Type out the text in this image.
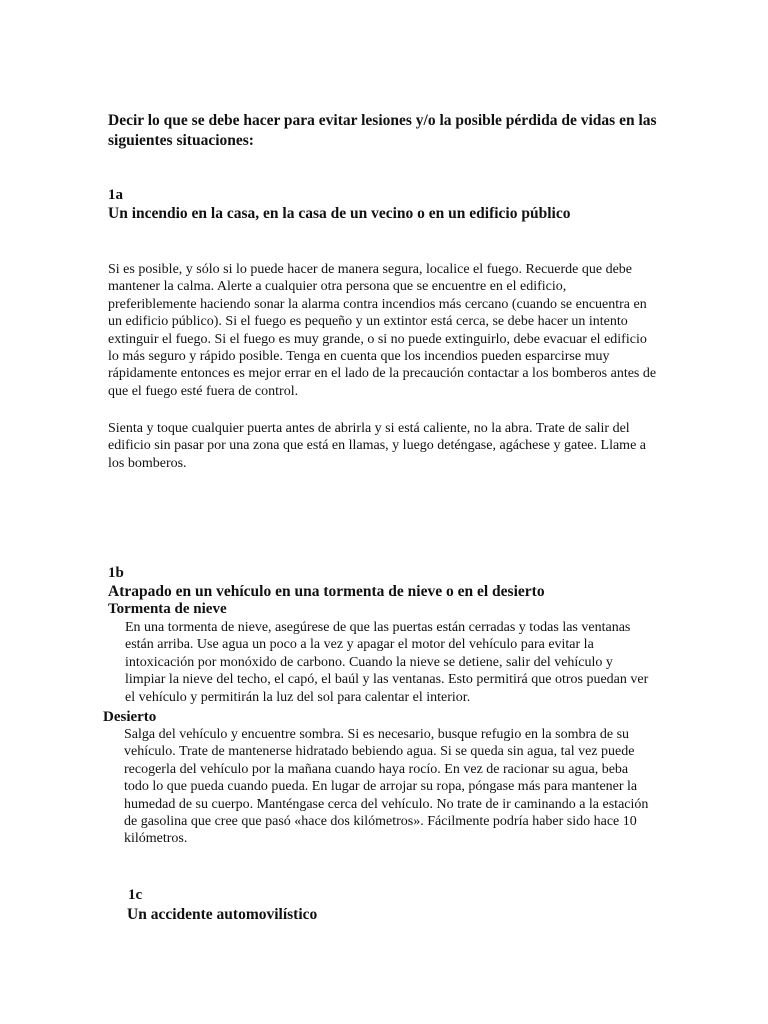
Decir lo que se debe hacer para evitar lesiones y/o la posible pérdida de vidas en las siguientes situaciones:

1a

Un incendio en la casa, en la casa de un vecino o en un edificio público

Si es posible, y sólo si lo puede hacer de manera segura, localice el fuego. Recuerde que debe mantener la calma. Alerte a cualquier otra persona que se encuentre en el edificio, preferiblemente haciendo sonar la alarma contra incendios más cercano (cuando se encuentra en un edificio público). Si el fuego es pequeño y un extintor está cerca, se debe hacer un intento extinguir el fuego. Si el fuego es muy grande, o si no puede extinguirlo, debe evacuar el edificio lo más seguro y rápido posible. Tenga en cuenta que los incendios pueden esparcirse muy rápidamente entonces es mejor errar en el lado de la precaución contactar a los bomberos antes de que el fuego esté fuera de control.

Sienta y toque cualquier puerta antes de abrirla y si está caliente, no la abra. Trate de salir del edificio sin pasar por una zona que está en llamas, y luego deténgase, agáchese y gatee. Llame a los bomberos.

1b

Atrapado en un vehículo en una tormenta de nieve o en el desierto

Tormenta de nieve

En una tormenta de nieve, asegúrese de que las puertas están cerradas y todas las ventanas están arriba. Use agua un poco a la vez y apagar el motor del vehículo para evitar la intoxicación por monóxido de carbono. Cuando la nieve se detiene, salir del vehículo y limpiar la nieve del techo, el capó, el baúl y las ventanas. Esto permitirá que otros puedan ver el vehículo y permitirán la luz del sol para calentar el interior.

Desierto

Salga del vehículo y encuentre sombra. Si es necesario, busque refugio en la sombra de su vehículo. Trate de mantenerse hidratado bebiendo agua. Si se queda sin agua, tal vez puede recogerla del vehículo por la mañana cuando haya rocío. En vez de racionar su agua, beba todo lo que pueda cuando pueda. En lugar de arrojar su ropa, póngase más para mantener la humedad de su cuerpo. Manténgase cerca del vehículo. No trate de ir caminando a la estación de gasolina que cree que pasó «hace dos kilómetros». Fácilmente podría haber sido hace 10 kilómetros.

1c

Un accidente automovilístico
